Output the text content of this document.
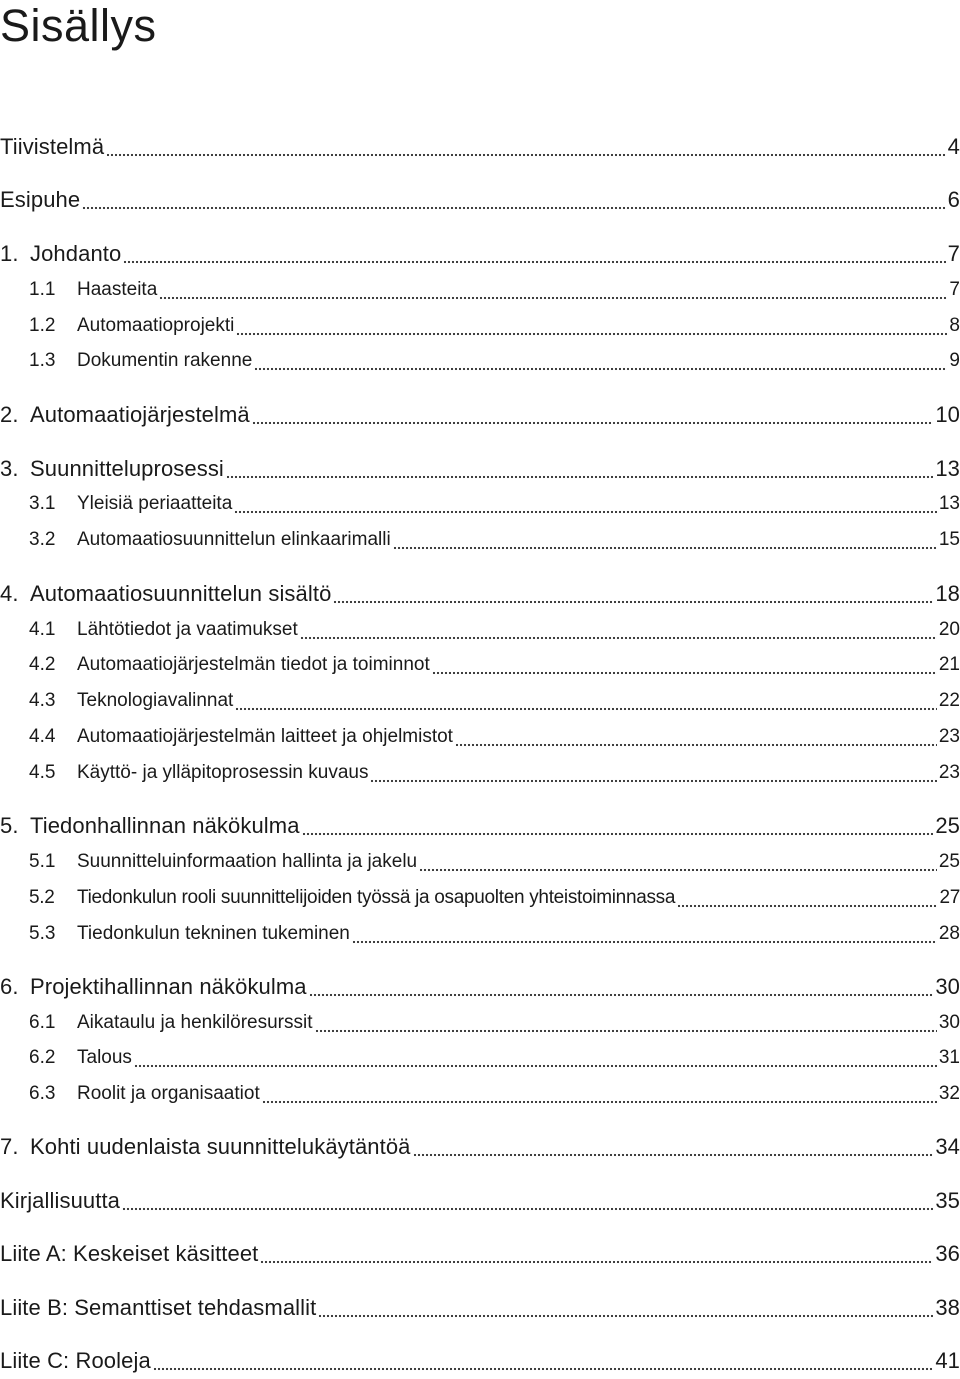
Sisällys
Tiivistelmä	4
Esipuhe	6
1. Johdanto	7
1.1	Haasteita	7
1.2	Automaatioprojekti	8
1.3	Dokumentin rakenne	9
2. Automaatiojärjestelmä	10
3. Suunnitteluprosessi	13
3.1	Yleisiä periaatteita	13
3.2	Automaatiosuunnittelun elinkaarimalli	15
4. Automaatiosuunnittelun sisältö	18
4.1	Lähtötiedot ja vaatimukset	20
4.2	Automaatiojärjestelmän tiedot ja toiminnot	21
4.3	Teknologiavalinnat	22
4.4	Automaatiojärjestelmän laitteet ja ohjelmistot	23
4.5	Käyttö- ja ylläpitoprosessin kuvaus	23
5. Tiedonhallinnan näkökulma	25
5.1	Suunnitteluinformaation hallinta ja jakelu	25
5.2	Tiedonkulun rooli suunnittelijoiden työssä ja osapuolten yhteistoiminnassa	27
5.3	Tiedonkulun tekninen tukeminen	28
6. Projektihallinnan näkökulma	30
6.1	Aikataulu ja henkilöresurssit	30
6.2	Talous	31
6.3	Roolit ja organisaatiot	32
7. Kohti uudenlaista suunnittelukäytäntöä	34
Kirjallisuutta	35
Liite A: Keskeiset käsitteet	36
Liite B: Semanttiset tehdasmallit	38
Liite C: Rooleja	41
